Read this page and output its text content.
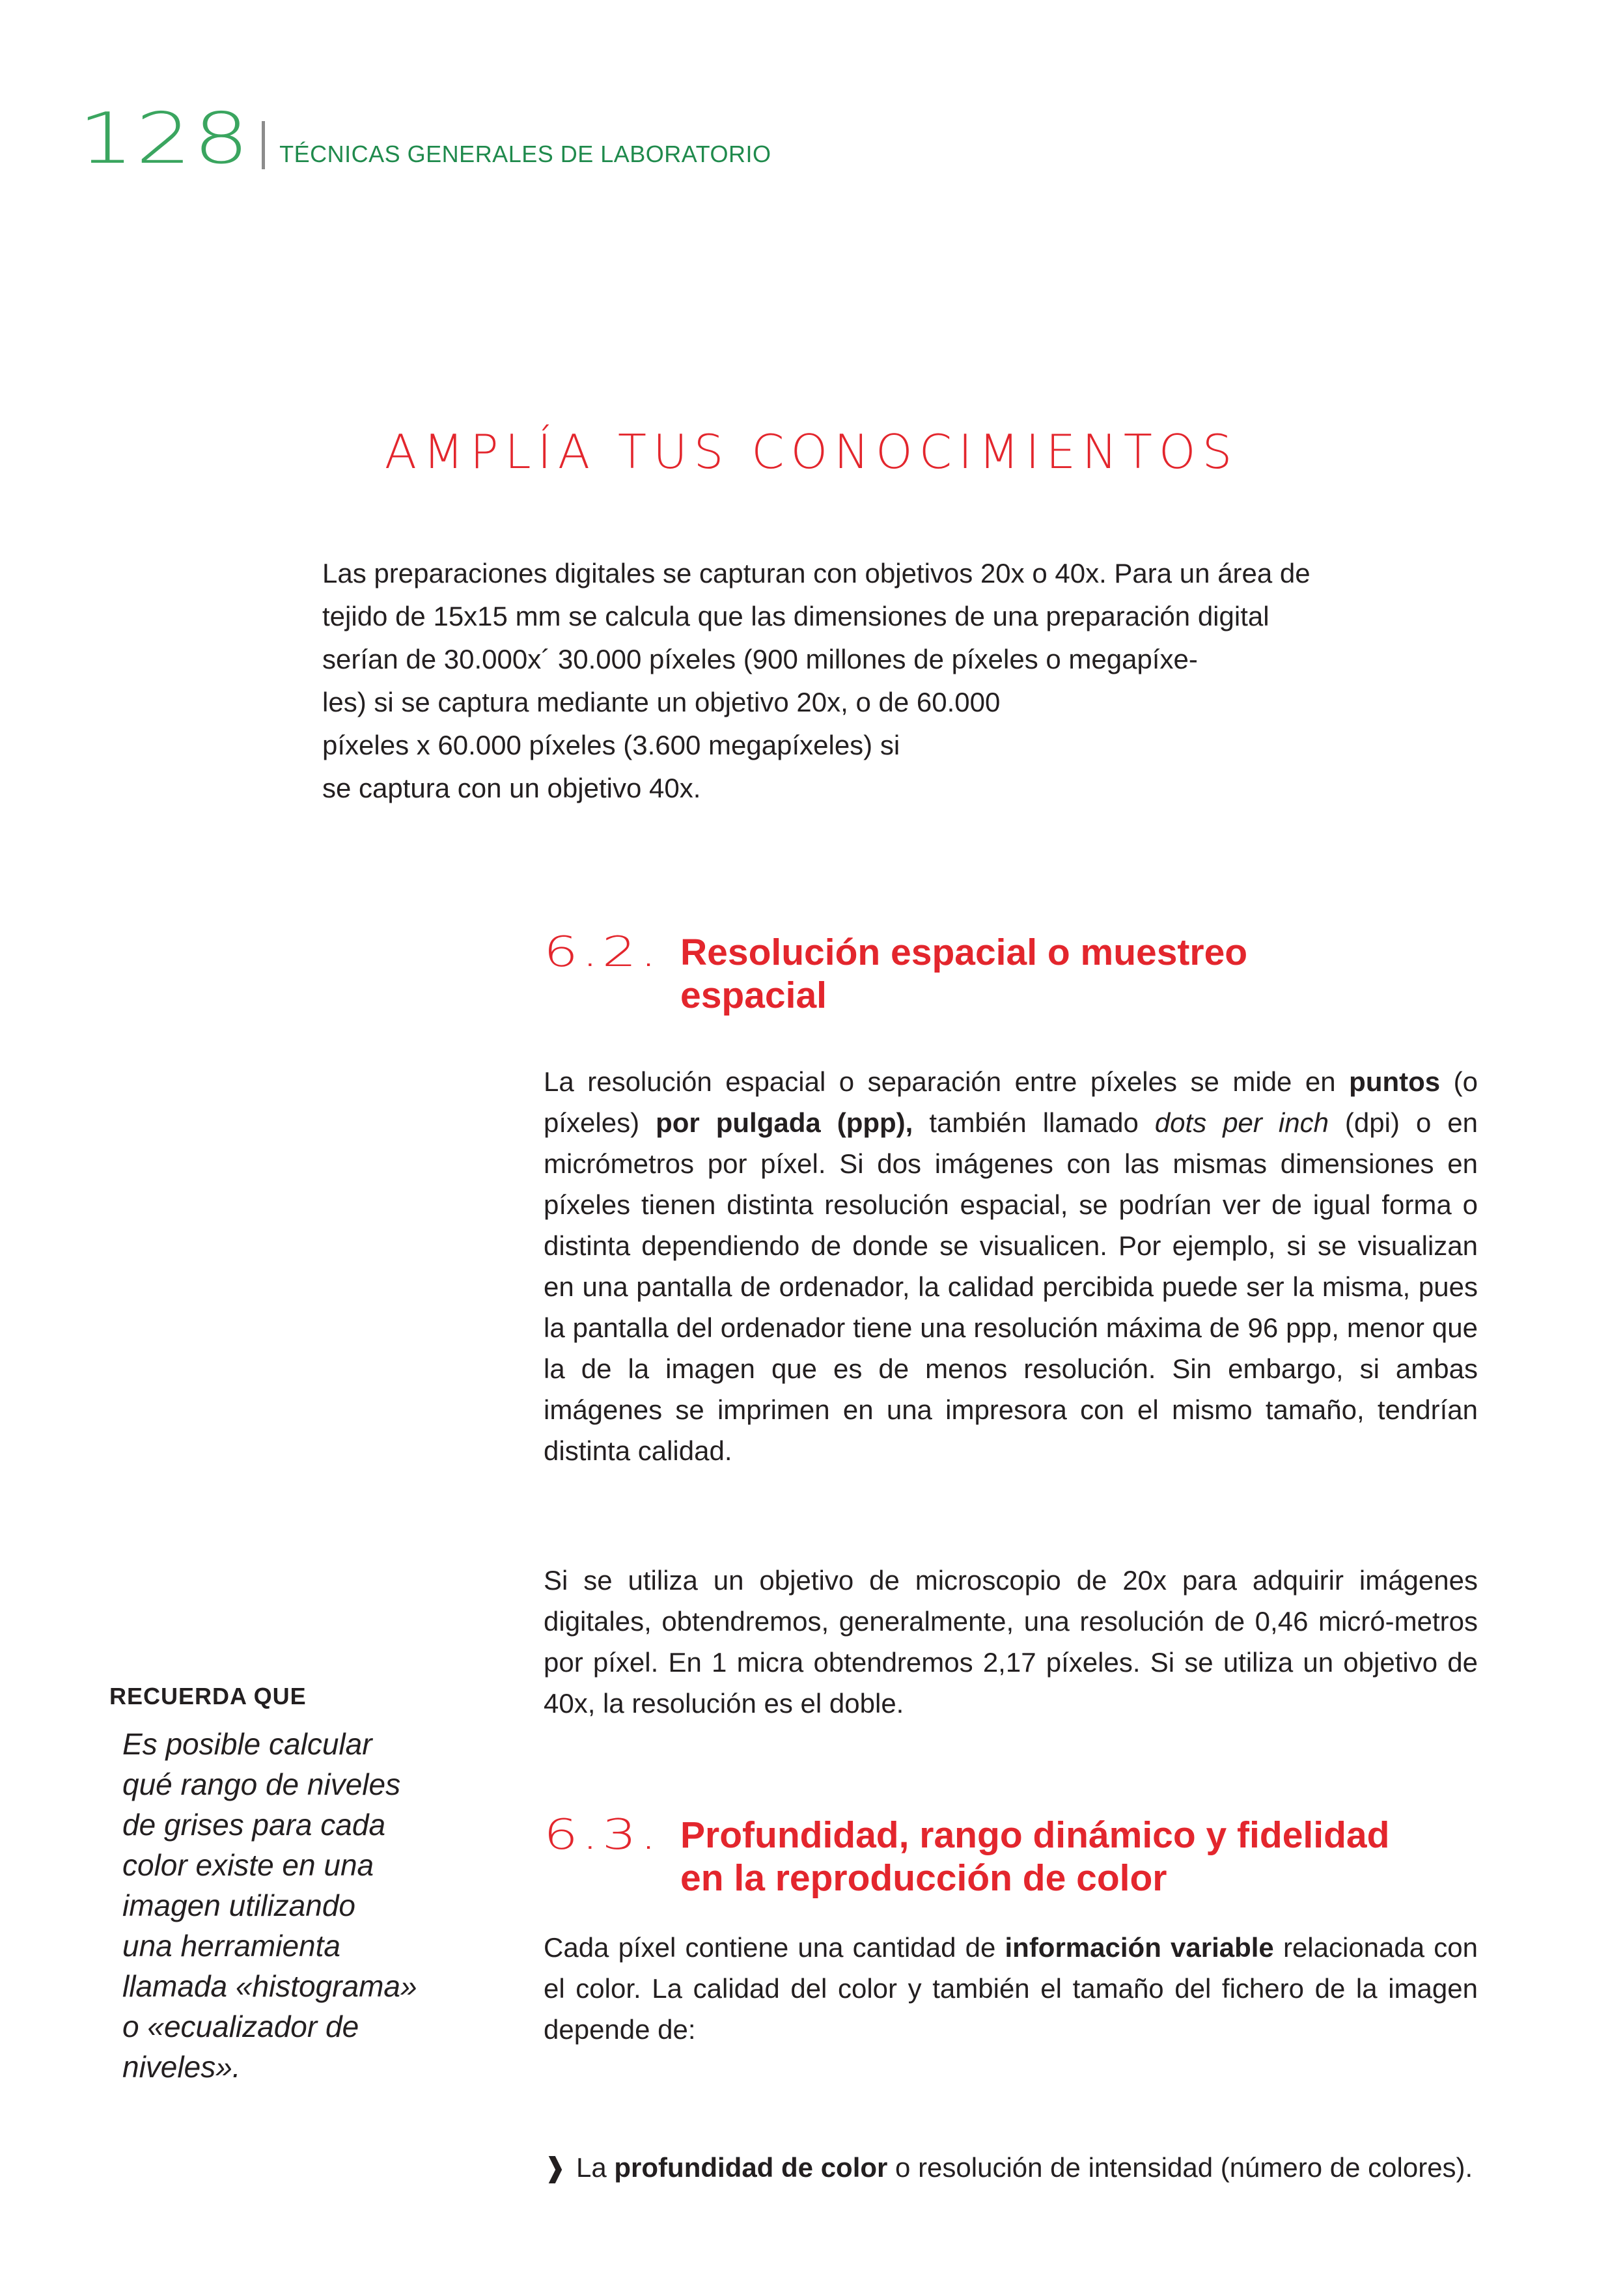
128 TÉCNICAS GENERALES DE LABORATORIO
AMPLÍA TUS CONOCIMIENTOS

Las preparaciones digitales se capturan con objetivos 20x o 40x. Para un área de

tejido de 15x15 mm se calcula que las dimensiones de una preparación digital

serían de 30.000x´ 30.000 píxeles (900 millones de píxeles o megapíxe-

les) si se captura mediante un objetivo 20x, o de 60.000

píxeles x 60.000 píxeles (3.600 megapíxeles) si

se captura con un objetivo 40x.

6.2. Resolución espacial o muestreo
espacial

La resolución espacial o separación entre píxeles se mide en puntos (o píxeles) por pulgada (ppp), también llamado dots per inch (dpi) o en micrómetros por píxel. Si dos imágenes con las mismas dimensiones en píxeles tienen distinta resolución espacial, se podrían ver de igual forma o distinta dependiendo de donde se visualicen. Por ejemplo, si se visualizan en una pantalla de ordenador, la calidad percibida puede ser la misma, pues la pantalla del ordenador tiene una resolución máxima de 96 ppp, menor que la de la imagen que es de menos resolución. Sin embargo, si ambas imágenes se imprimen en una impresora con el mismo tamaño, tendrían distinta calidad.

Si se utiliza un objetivo de microscopio de 20x para adquirir imágenes digitales, obtendremos, generalmente, una resolución de 0,46 micró-metros por píxel. En 1 micra obtendremos 2,17 píxeles. Si se utiliza un objetivo de 40x, la resolución es el doble.

RECUERDA QUE
Es posible calcular
qué rango de niveles
de grises para cada
color existe en una
imagen utilizando
una herramienta
llamada «histograma»
o «ecualizador de
niveles».
6.3. Profundidad, rango dinámico y fidelidad
en la reproducción de color

Cada píxel contiene una cantidad de información variable relacionada con el color. La calidad del color y también el tamaño del fichero de la imagen depende de:

❱ La profundidad de color o resolución de intensidad (número de colores).
